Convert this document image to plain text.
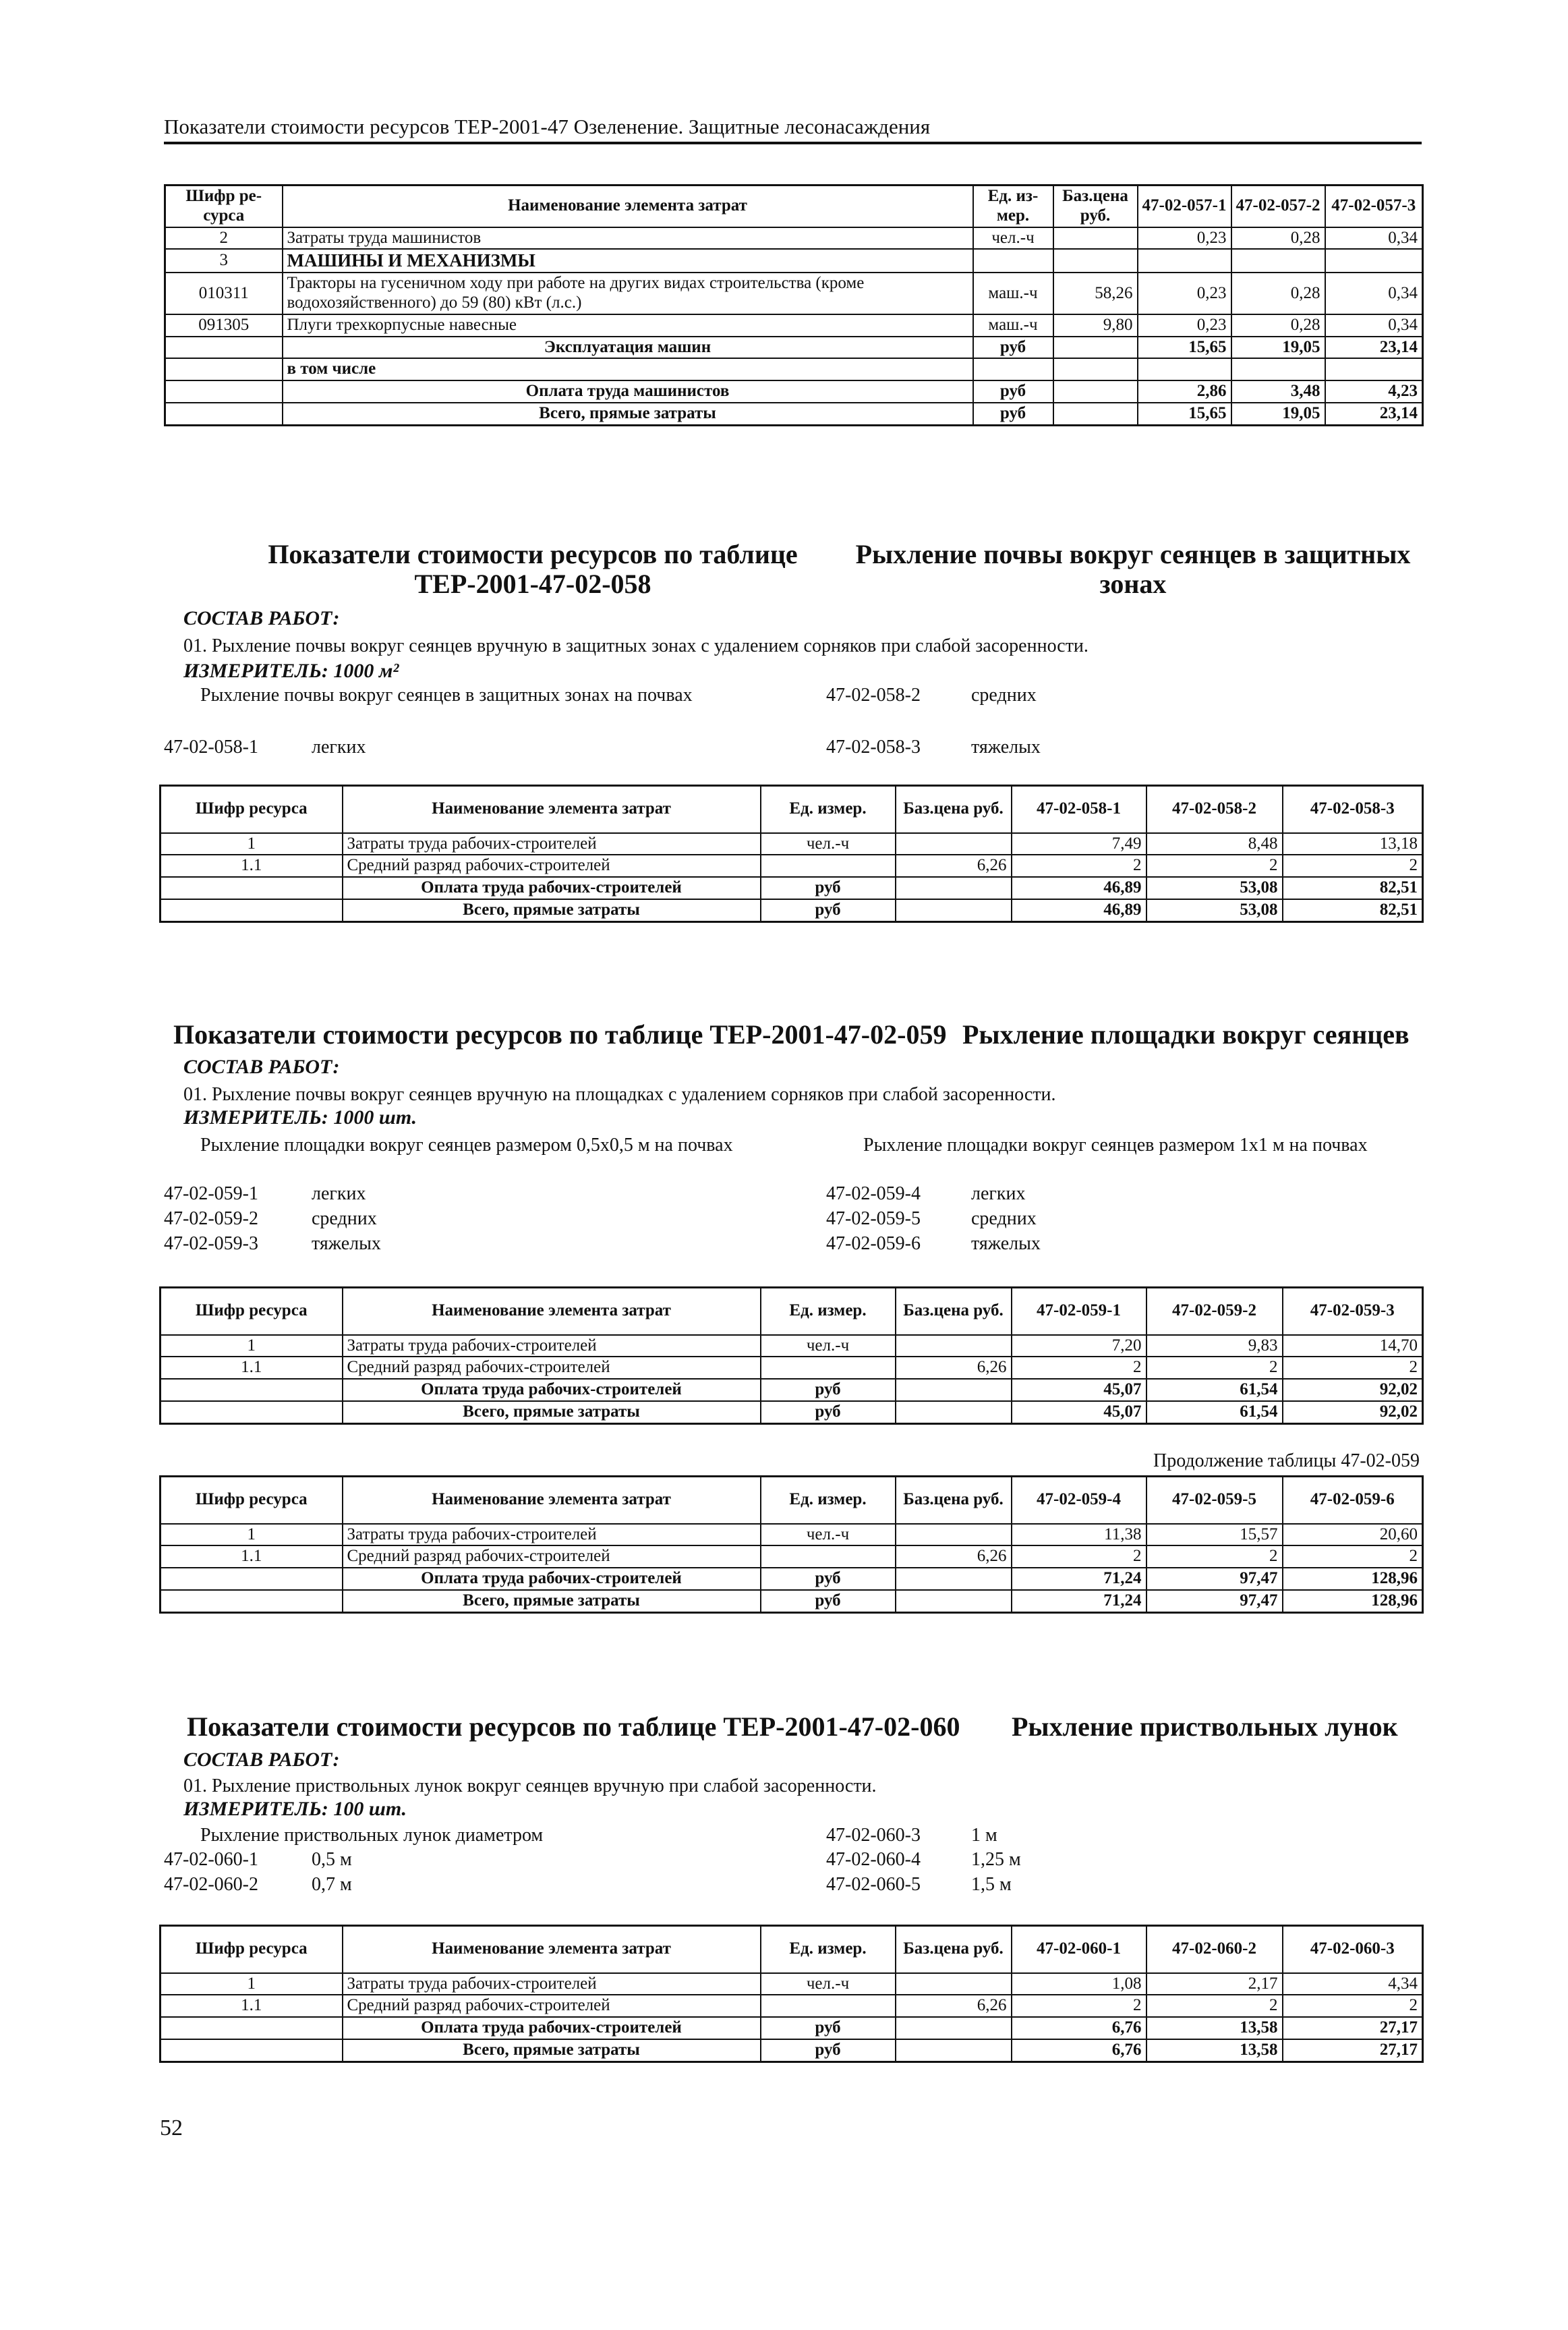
Показатели стоимости ресурсов ТЕР-2001-47 Озеленение. Защитные лесонасаждения
Шифр ре-сурса	Наименование элемента затрат	Ед. из-мер.	Баз.цена руб.	47-02-057-1	47-02-057-2	47-02-057-3
2	Затраты труда машинистов	чел.-ч		0,23	0,28	0,34
3	МАШИНЫ И МЕХАНИЗМЫ					
010311	Тракторы на гусеничном ходу при работе на других видах строительства (кроме водохозяйственного) до 59 (80) кВт (л.с.)	маш.-ч	58,26	0,23	0,28	0,34
091305	Плуги трехкорпусные навесные	маш.-ч	9,80	0,23	0,28	0,34
	Эксплуатация машин	руб		15,65	19,05	23,14
	в том числе					
	Оплата труда машинистов	руб		2,86	3,48	4,23
	Всего, прямые затраты	руб		15,65	19,05	23,14
Показатели стоимости ресурсов по таблице ТЕР-2001-47-02-058
Рыхление почвы вокруг сеянцев в защитных зонах
СОСТАВ РАБОТ:
01. Рыхление почвы вокруг сеянцев вручную в защитных зонах с удалением сорняков при слабой засоренности.
ИЗМЕРИТЕЛЬ: 1000 м²
Рыхление почвы вокруг сеянцев в защитных зонах на почвах
47-02-058-1	легких
47-02-058-2	средних
47-02-058-3	тяжелых
Шифр ресурса	Наименование элемента затрат	Ед. измер.	Баз.цена руб.	47-02-058-1	47-02-058-2	47-02-058-3
1	Затраты труда рабочих-строителей	чел.-ч		7,49	8,48	13,18
1.1	Средний разряд рабочих-строителей		6,26	2	2	2
	Оплата труда рабочих-строителей	руб		46,89	53,08	82,51
	Всего, прямые затраты	руб		46,89	53,08	82,51
Показатели стоимости ресурсов по таблице ТЕР-2001-47-02-059 Рыхление площадки вокруг сеянцев
СОСТАВ РАБОТ:
01. Рыхление почвы вокруг сеянцев вручную на площадках с удалением сорняков при слабой засоренности.
ИЗМЕРИТЕЛЬ: 1000 шт.
Рыхление площадки вокруг сеянцев размером 0,5х0,5 м на почвах	Рыхление площадки вокруг сеянцев размером 1х1 м на почвах
47-02-059-1	легких
47-02-059-2	средних
47-02-059-3	тяжелых
47-02-059-4	легких
47-02-059-5	средних
47-02-059-6	тяжелых
Шифр ресурса	Наименование элемента затрат	Ед. измер.	Баз.цена руб.	47-02-059-1	47-02-059-2	47-02-059-3
1	Затраты труда рабочих-строителей	чел.-ч		7,20	9,83	14,70
1.1	Средний разряд рабочих-строителей		6,26	2	2	2
	Оплата труда рабочих-строителей	руб		45,07	61,54	92,02
	Всего, прямые затраты	руб		45,07	61,54	92,02
Продолжение таблицы 47-02-059
Шифр ресурса	Наименование элемента затрат	Ед. измер.	Баз.цена руб.	47-02-059-4	47-02-059-5	47-02-059-6
1	Затраты труда рабочих-строителей	чел.-ч		11,38	15,57	20,60
1.1	Средний разряд рабочих-строителей		6,26	2	2	2
	Оплата труда рабочих-строителей	руб		71,24	97,47	128,96
	Всего, прямые затраты	руб		71,24	97,47	128,96
Показатели стоимости ресурсов по таблице ТЕР-2001-47-02-060 Рыхление приствольных лунок
СОСТАВ РАБОТ:
01. Рыхление приствольных лунок вокруг сеянцев вручную при слабой засоренности.
ИЗМЕРИТЕЛЬ: 100 шт.
Рыхление приствольных лунок диаметром
47-02-060-1	0,5 м
47-02-060-2	0,7 м
47-02-060-3	1 м
47-02-060-4	1,25 м
47-02-060-5	1,5 м
Шифр ресурса	Наименование элемента затрат	Ед. измер.	Баз.цена руб.	47-02-060-1	47-02-060-2	47-02-060-3
1	Затраты труда рабочих-строителей	чел.-ч		1,08	2,17	4,34
1.1	Средний разряд рабочих-строителей		6,26	2	2	2
	Оплата труда рабочих-строителей	руб		6,76	13,58	27,17
	Всего, прямые затраты	руб		6,76	13,58	27,17
52
